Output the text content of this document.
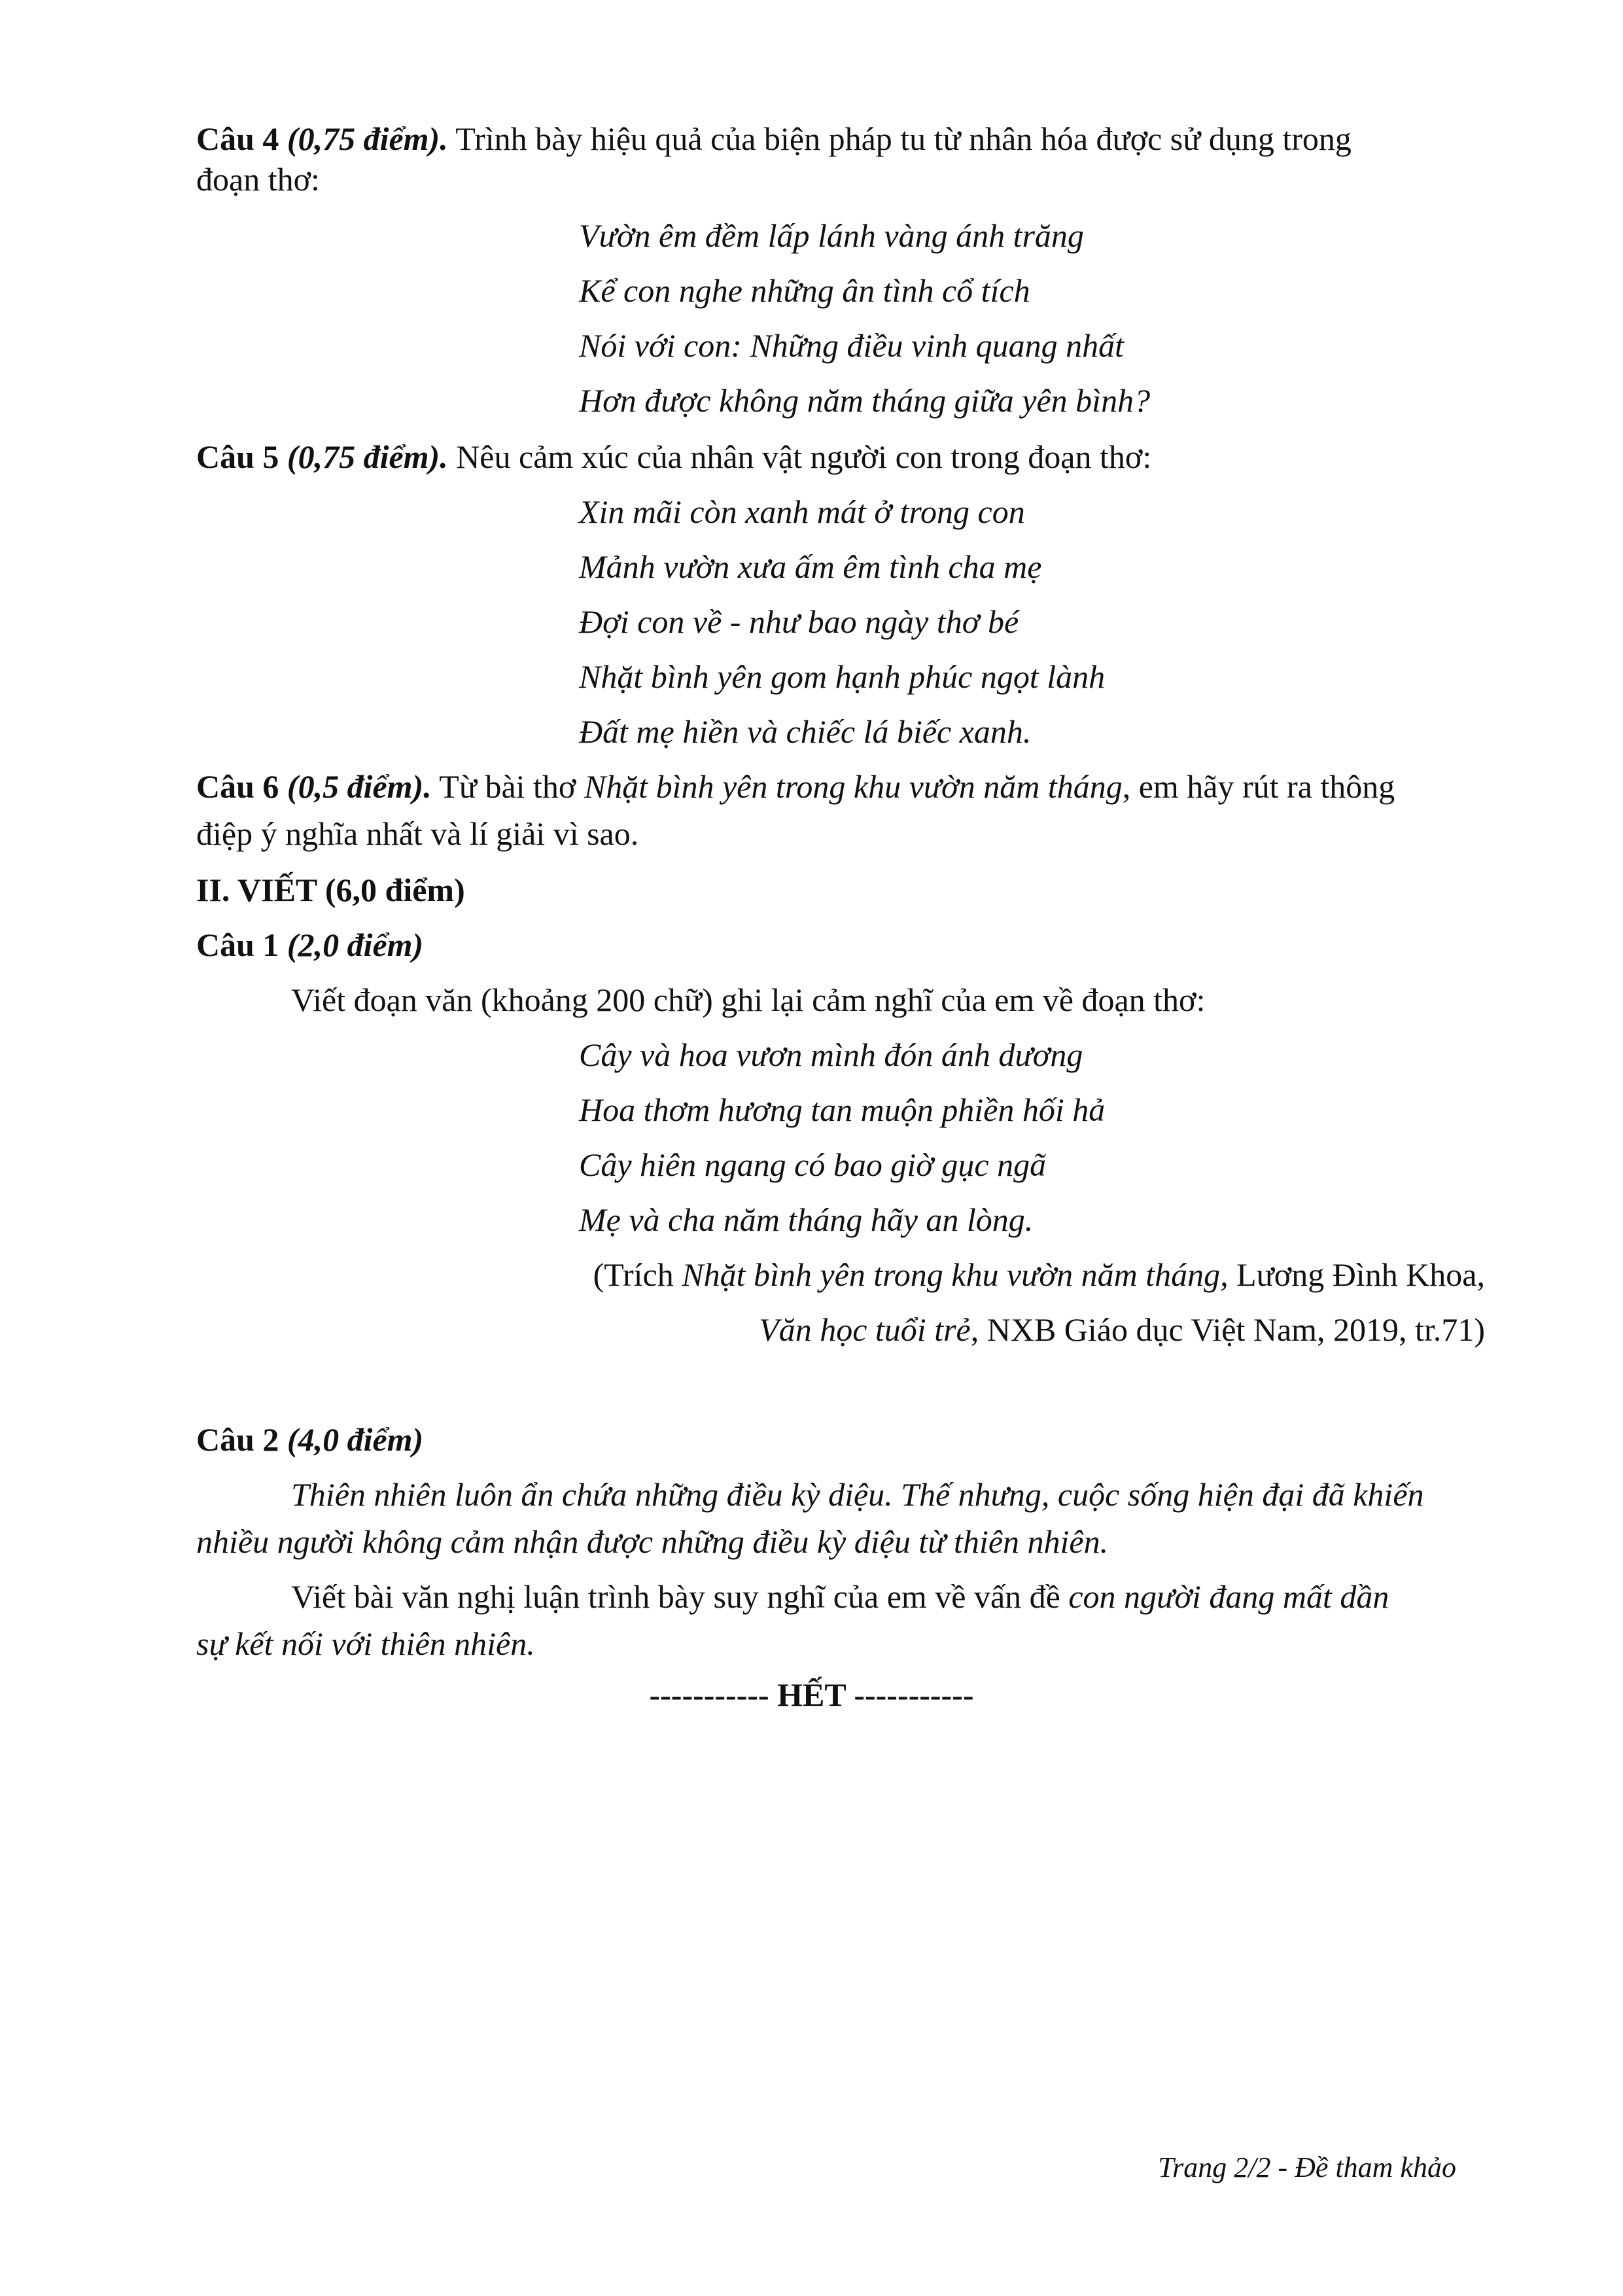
Câu 4 (0,75 điểm). Trình bày hiệu quả của biện pháp tu từ nhân hóa được sử dụng trong
đoạn thơ:
Vườn êm đềm lấp lánh vàng ánh trăng
Kể con nghe những ân tình cổ tích
Nói với con: Những điều vinh quang nhất
Hơn được không năm tháng giữa yên bình?
Câu 5 (0,75 điểm). Nêu cảm xúc của nhân vật người con trong đoạn thơ:
Xin mãi còn xanh mát ở trong con
Mảnh vườn xưa ấm êm tình cha mẹ
Đợi con về - như bao ngày thơ bé
Nhặt bình yên gom hạnh phúc ngọt lành
Đất mẹ hiền và chiếc lá biếc xanh.
Câu 6 (0,5 điểm). Từ bài thơ Nhặt bình yên trong khu vườn năm tháng, em hãy rút ra thông
điệp ý nghĩa nhất và lí giải vì sao.
II. VIẾT (6,0 điểm)
Câu 1 (2,0 điểm)
Viết đoạn văn (khoảng 200 chữ) ghi lại cảm nghĩ của em về đoạn thơ:
Cây và hoa vươn mình đón ánh dương
Hoa thơm hương tan muộn phiền hối hả
Cây hiên ngang có bao giờ gục ngã
Mẹ và cha năm tháng hãy an lòng.
(Trích Nhặt bình yên trong khu vườn năm tháng, Lương Đình Khoa,
Văn học tuổi trẻ, NXB Giáo dục Việt Nam, 2019, tr.71)
Câu 2 (4,0 điểm)
Thiên nhiên luôn ẩn chứa những điều kỳ diệu. Thế nhưng, cuộc sống hiện đại đã khiến
nhiều người không cảm nhận được những điều kỳ diệu từ thiên nhiên.
Viết bài văn nghị luận trình bày suy nghĩ của em về vấn đề con người đang mất dần
sự kết nối với thiên nhiên.
----------- HẾT -----------
Trang 2/2 - Đề tham khảo
